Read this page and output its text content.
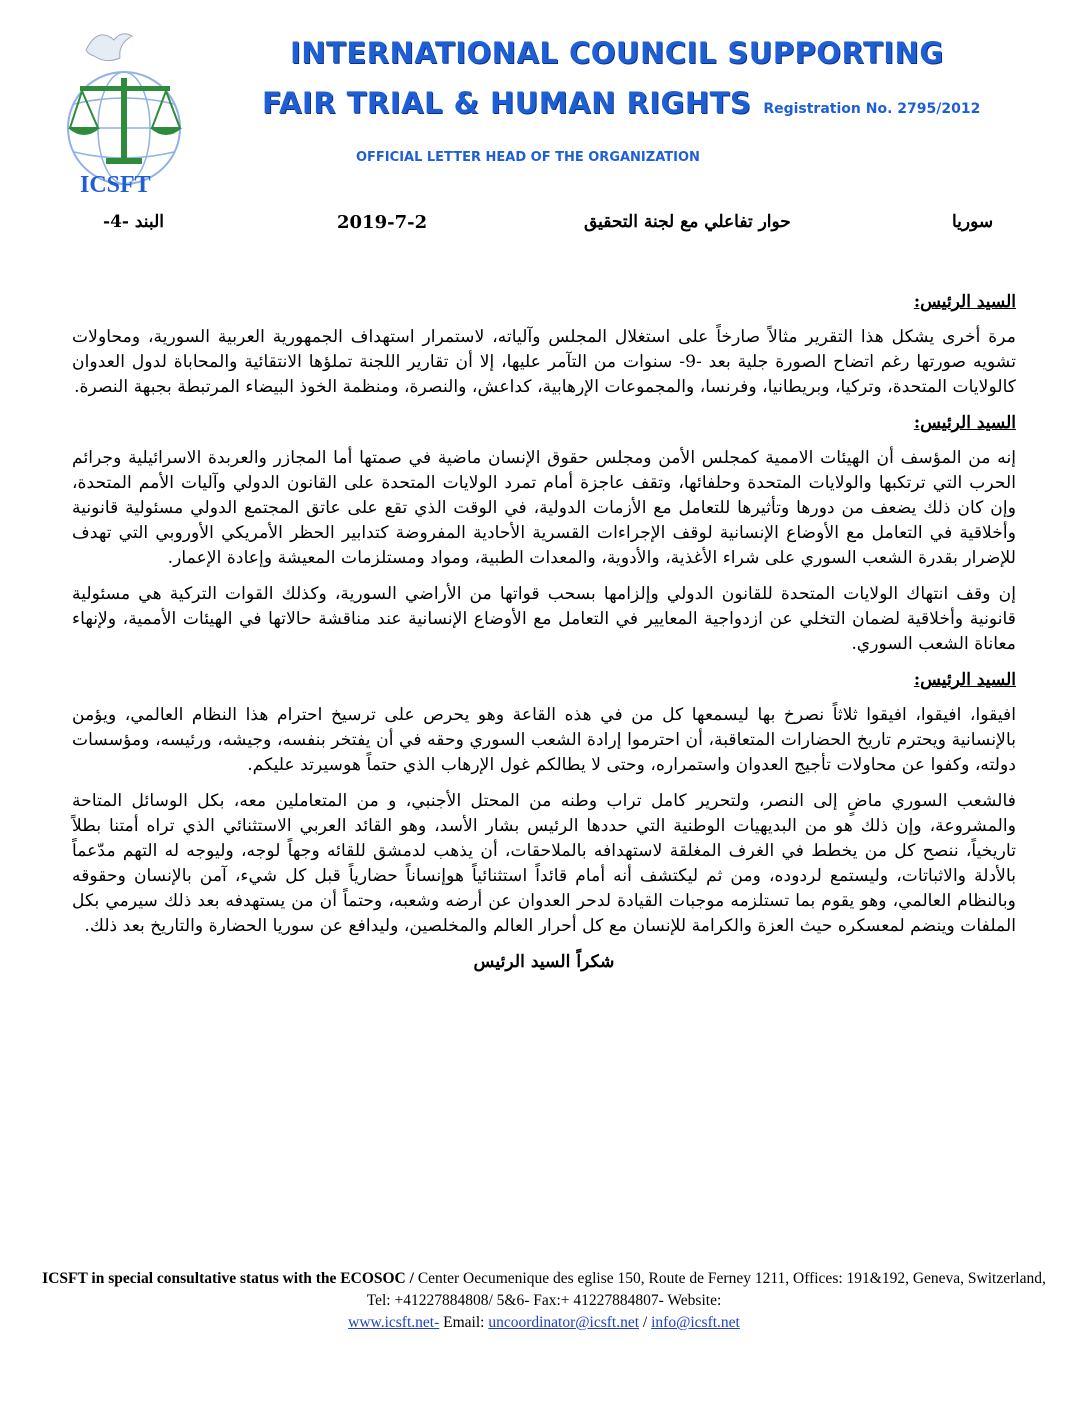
ICSFT
INTERNATIONAL COUNCIL SUPPORTING
FAIR TRIAL & HUMAN RIGHTS Registration No. 2795/2012
OFFICIAL LETTER HEAD OF THE ORGANIZATION
سوريا
حوار تفاعلي مع لجنة التحقيق
2019-7-2
البند -4-
السيد الرئيس:

مرة أخرى يشكل هذا التقرير مثالاً صارخاً على استغلال المجلس وآلياته، لاستمرار استهداف الجمهورية العربية السورية، ومحاولات تشويه صورتها رغم اتضاح الصورة جلية بعد -9- سنوات من التآمر عليها، إلا أن تقارير اللجنة تملؤها الانتقائية والمحاباة لدول العدوان كالولايات المتحدة، وتركيا، وبريطانيا، وفرنسا، والمجموعات الإرهابية، كداعش، والنصرة، ومنظمة الخوذ البيضاء المرتبطة بجبهة النصرة.

السيد الرئيس:

إنه من المؤسف أن الهيئات الاممية كمجلس الأمن ومجلس حقوق الإنسان ماضية في صمتها أما المجازر والعربدة الاسرائيلية وجرائم الحرب التي ترتكبها والولايات المتحدة وحلفائها، وتقف عاجزة أمام تمرد الولايات المتحدة على القانون الدولي وآليات الأمم المتحدة، وإن كان ذلك يضعف من دورها وتأثيرها للتعامل مع الأزمات الدولية، في الوقت الذي تقع على عاتق المجتمع الدولي مسئولية قانونية وأخلاقية في التعامل مع الأوضاع الإنسانية لوقف الإجراءات القسرية الأحادية المفروضة كتدابير الحظر الأمريكي الأوروبي التي تهدف للإضرار بقدرة الشعب السوري على شراء الأغذية، والأدوية، والمعدات الطبية، ومواد ومستلزمات المعيشة وإعادة الإعمار.

إن وقف انتهاك الولايات المتحدة للقانون الدولي وإلزامها بسحب قواتها من الأراضي السورية، وكذلك القوات التركية هي مسئولية قانونية وأخلاقية لضمان التخلي عن ازدواجية المعايير في التعامل مع الأوضاع الإنسانية عند مناقشة حالاتها في الهيئات الأممية، ولإنهاء معاناة الشعب السوري.

السيد الرئيس:

افيقوا، افيقوا، افيقوا ثلاثاً نصرخ بها ليسمعها كل من في هذه القاعة وهو يحرص على ترسيخ احترام هذا النظام العالمي، ويؤمن بالإنسانية ويحترم تاريخ الحضارات المتعاقبة، أن احترموا إرادة الشعب السوري وحقه في أن يفتخر بنفسه، وجيشه، ورئيسه، ومؤسسات دولته، وكفوا عن محاولات تأجيج العدوان واستمراره، وحتى لا يطالكم غول الإرهاب الذي حتماً هوسيرتد عليكم.

فالشعب السوري ماضٍ إلى النصر، ولتحرير كامل تراب وطنه من المحتل الأجنبي، و من المتعاملين معه، بكل الوسائل المتاحة والمشروعة، وإن ذلك هو من البديهيات الوطنية التي حددها الرئيس بشار الأسد، وهو القائد العربي الاستثنائي الذي تراه أمتنا بطلاً تاريخياً، ننصح كل من يخطط في الغرف المغلقة لاستهدافه بالملاحقات، أن يذهب لدمشق للقائه وجهاً لوجه، وليوجه له التهم مدّعماً بالأدلة والاثباتات، وليستمع لردوده، ومن ثم ليكتشف أنه أمام قائداً استثنائياً هوإنساناً حضارياً قبل كل شيء، آمن بالإنسان وحقوقه وبالنظام العالمي، وهو يقوم بما تستلزمه موجبات القيادة لدحر العدوان عن أرضه وشعبه، وحتماً أن من يستهدفه بعد ذلك سيرمي بكل الملفات وينضم لمعسكره حيث العزة والكرامة للإنسان مع كل أحرار العالم والمخلصين، وليدافع عن سوريا الحضارة والتاريخ بعد ذلك.

شكراً السيد الرئيس

ICSFT in special consultative status with the ECOSOC / Center Oecumenique des eglise 150, Route de Ferney 1211, Offices: 191&192, Geneva, Switzerland, Tel: +41227884808/ 5&6- Fax:+ 41227884807- Website:
www.icsft.net- Email: uncoordinator@icsft.net / info@icsft.net
